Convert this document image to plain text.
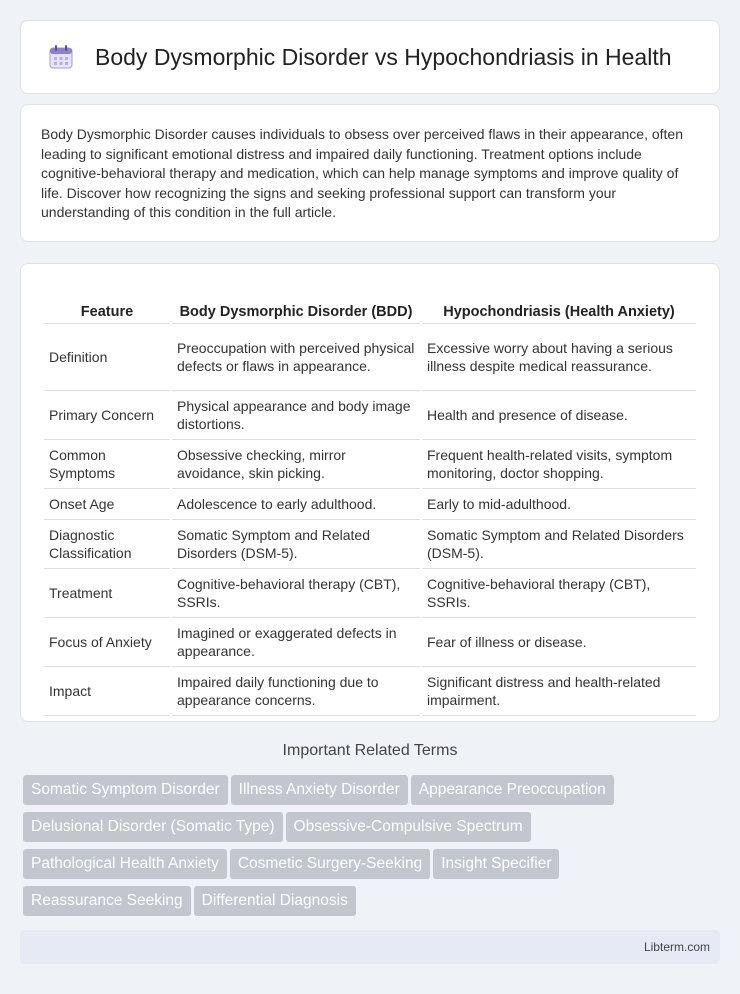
Body Dysmorphic Disorder vs Hypochondriasis in Health

Body Dysmorphic Disorder causes individuals to obsess over perceived flaws in their appearance, often leading to significant emotional distress and impaired daily functioning. Treatment options include cognitive-behavioral therapy and medication, which can help manage symptoms and improve quality of life. Discover how recognizing the signs and seeking professional support can transform your understanding of this condition in the full article.

Feature	Body Dysmorphic Disorder (BDD)	Hypochondriasis (Health Anxiety)
Definition	Preoccupation with perceived physical defects or flaws in appearance.	Excessive worry about having a serious illness despite medical reassurance.
Primary Concern	Physical appearance and body image distortions.	Health and presence of disease.
Common Symptoms	Obsessive checking, mirror avoidance, skin picking.	Frequent health-related visits, symptom monitoring, doctor shopping.
Onset Age	Adolescence to early adulthood.	Early to mid-adulthood.
Diagnostic Classification	Somatic Symptom and Related Disorders (DSM-5).	Somatic Symptom and Related Disorders (DSM-5).
Treatment	Cognitive-behavioral therapy (CBT), SSRIs.	Cognitive-behavioral therapy (CBT), SSRIs.
Focus of Anxiety	Imagined or exaggerated defects in appearance.	Fear of illness or disease.
Impact	Impaired daily functioning due to appearance concerns.	Significant distress and health-related impairment.
Important Related Terms
Somatic Symptom Disorder Illness Anxiety Disorder Appearance Preoccupation
Delusional Disorder (Somatic Type) Obsessive-Compulsive Spectrum
Pathological Health Anxiety Cosmetic Surgery-Seeking Insight Specifier
Reassurance Seeking Differential Diagnosis
Libterm.com
